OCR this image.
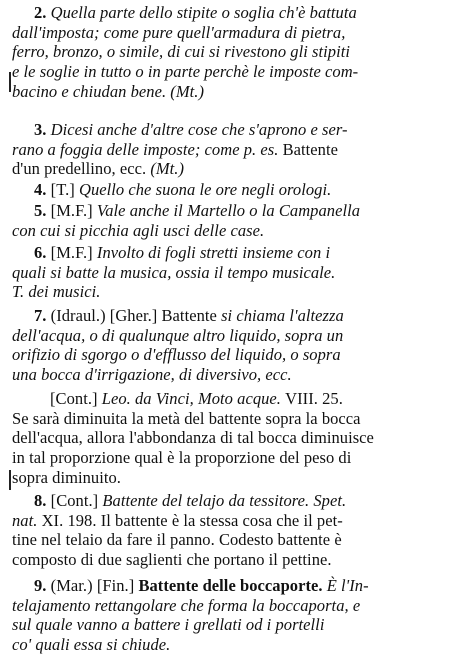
2. Quella parte dello stipite o soglia ch'è battuta
dall'imposta; come pure quell'armadura di pietra,
ferro, bronzo, o simile, di cui si rivestono gli stipiti
e le soglie in tutto o in parte perchè le imposte com-
bacino e chiudan bene. (Mt.)
3. Dicesi anche d'altre cose che s'aprono e ser-
rano a foggia delle imposte; come p. es. Battente
d'un predellino, ecc. (Mt.)
4. [T.] Quello che suona le ore negli orologi.
5. [M.F.] Vale anche il Martello o la Campanella
con cui si picchia agli usci delle case.
6. [M.F.] Involto di fogli stretti insieme con i
quali si batte la musica, ossia il tempo musicale.
T. dei musici.
7. (Idraul.) [Gher.] Battente si chiama l'altezza
dell'acqua, o di qualunque altro liquido, sopra un
orifizio di sgorgo o d'efflusso del liquido, o sopra
una bocca d'irrigazione, di diversivo, ecc.
[Cont.] Leo. da Vinci, Moto acque. VIII. 25.
Se sarà diminuita la metà del battente sopra la bocca
dell'acqua, allora l'abbondanza di tal bocca diminuisce
in tal proporzione qual è la proporzione del peso di
sopra diminuito.
8. [Cont.] Battente del telajo da tessitore. Spet.
nat. XI. 198. Il battente è la stessa cosa che il pet-
tine nel telaio da fare il panno. Codesto battente è
composto di due saglienti che portano il pettine.
9. (Mar.) [Fin.] Battente delle boccaporte. È l'In-
telajamento rettangolare che forma la boccaporta, e
sul quale vanno a battere i grellati od i portelli
co' quali essa si chiude.
